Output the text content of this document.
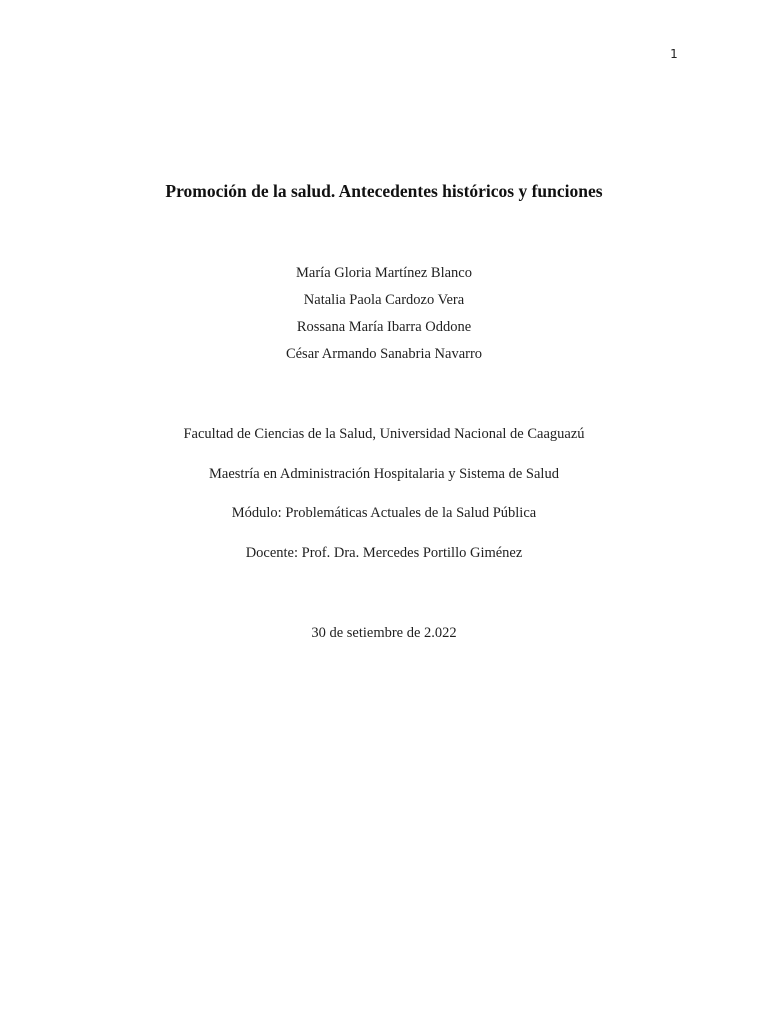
1
Promoción de la salud. Antecedentes históricos y funciones
María Gloria Martínez Blanco
Natalia Paola Cardozo Vera
Rossana María Ibarra Oddone
César Armando Sanabria Navarro
Facultad de Ciencias de la Salud, Universidad Nacional de Caaguazú
Maestría en Administración Hospitalaria y Sistema de Salud
Módulo: Problemáticas Actuales de la Salud Pública
Docente: Prof. Dra. Mercedes Portillo Giménez
30 de setiembre de 2.022
